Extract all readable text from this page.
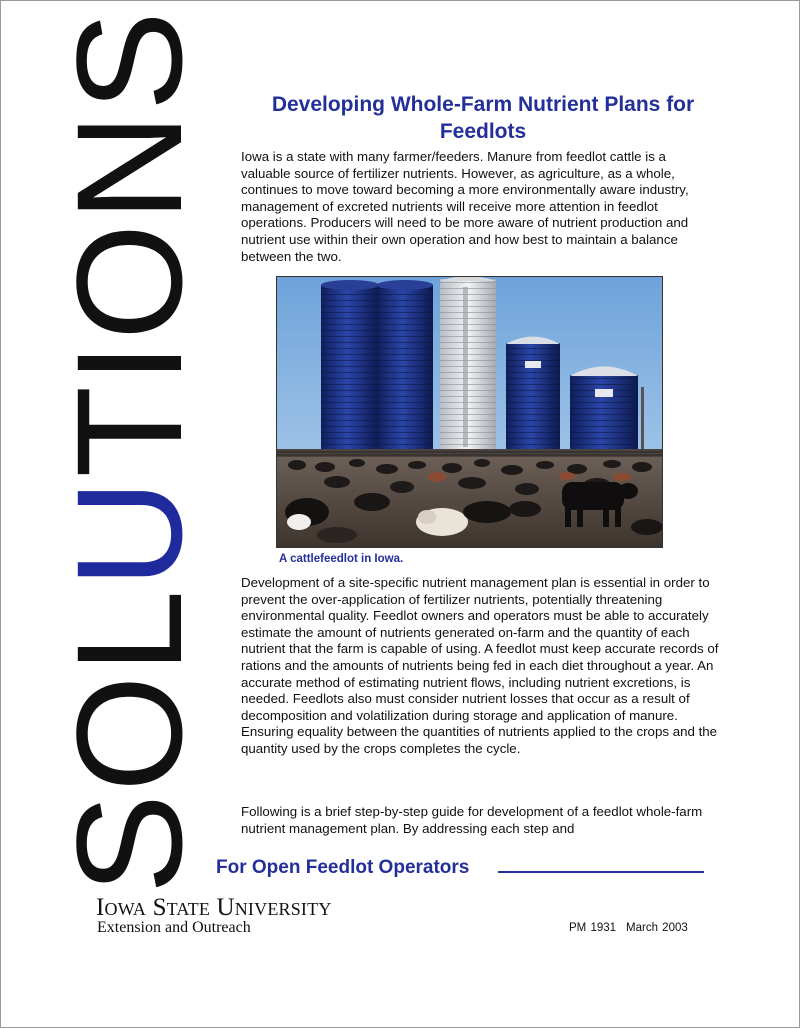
SOLUTIONS	Developing Whole-Farm Nutrient Plans for Feedlots

Iowa is a state with many farmer/feeders. Manure from feedlot cattle is a valuable source of fertilizer nutrients. However, as agriculture, as a whole, continues to move toward becoming a more environmentally aware industry, management of excreted nutrients will receive more attention in feedlot operations. Producers will need to be more aware of nutrient production and nutrient use within their own operation and how best to maintain a balance between the two.

A cattlefeedlot in Iowa.

Development of a site-specific nutrient management plan is essential in order to prevent the over-application of fertilizer nutrients, potentially threatening environmental quality. Feedlot owners and operators must be able to accurately estimate the amount of nutrients generated on-farm and the quantity of each nutrient that the farm is capable of using. A feedlot must keep accurate records of rations and the amounts of nutrients being fed in each diet throughout a year. An accurate method of estimating nutrient flows, including nutrient excretions, is needed. Feedlots also must consider nutrient losses that occur as a result of decomposition and volatilization during storage and application of manure. Ensuring equality between the quantities of nutrients applied to the crops and the quantity used by the crops completes the cycle.

Following is a brief step-by-step guide for development of a feedlot whole-farm nutrient management plan. By addressing each step and

For Open Feedlot Operators
Iowa State University
Extension and Outreach	PM 1931 March 2003
